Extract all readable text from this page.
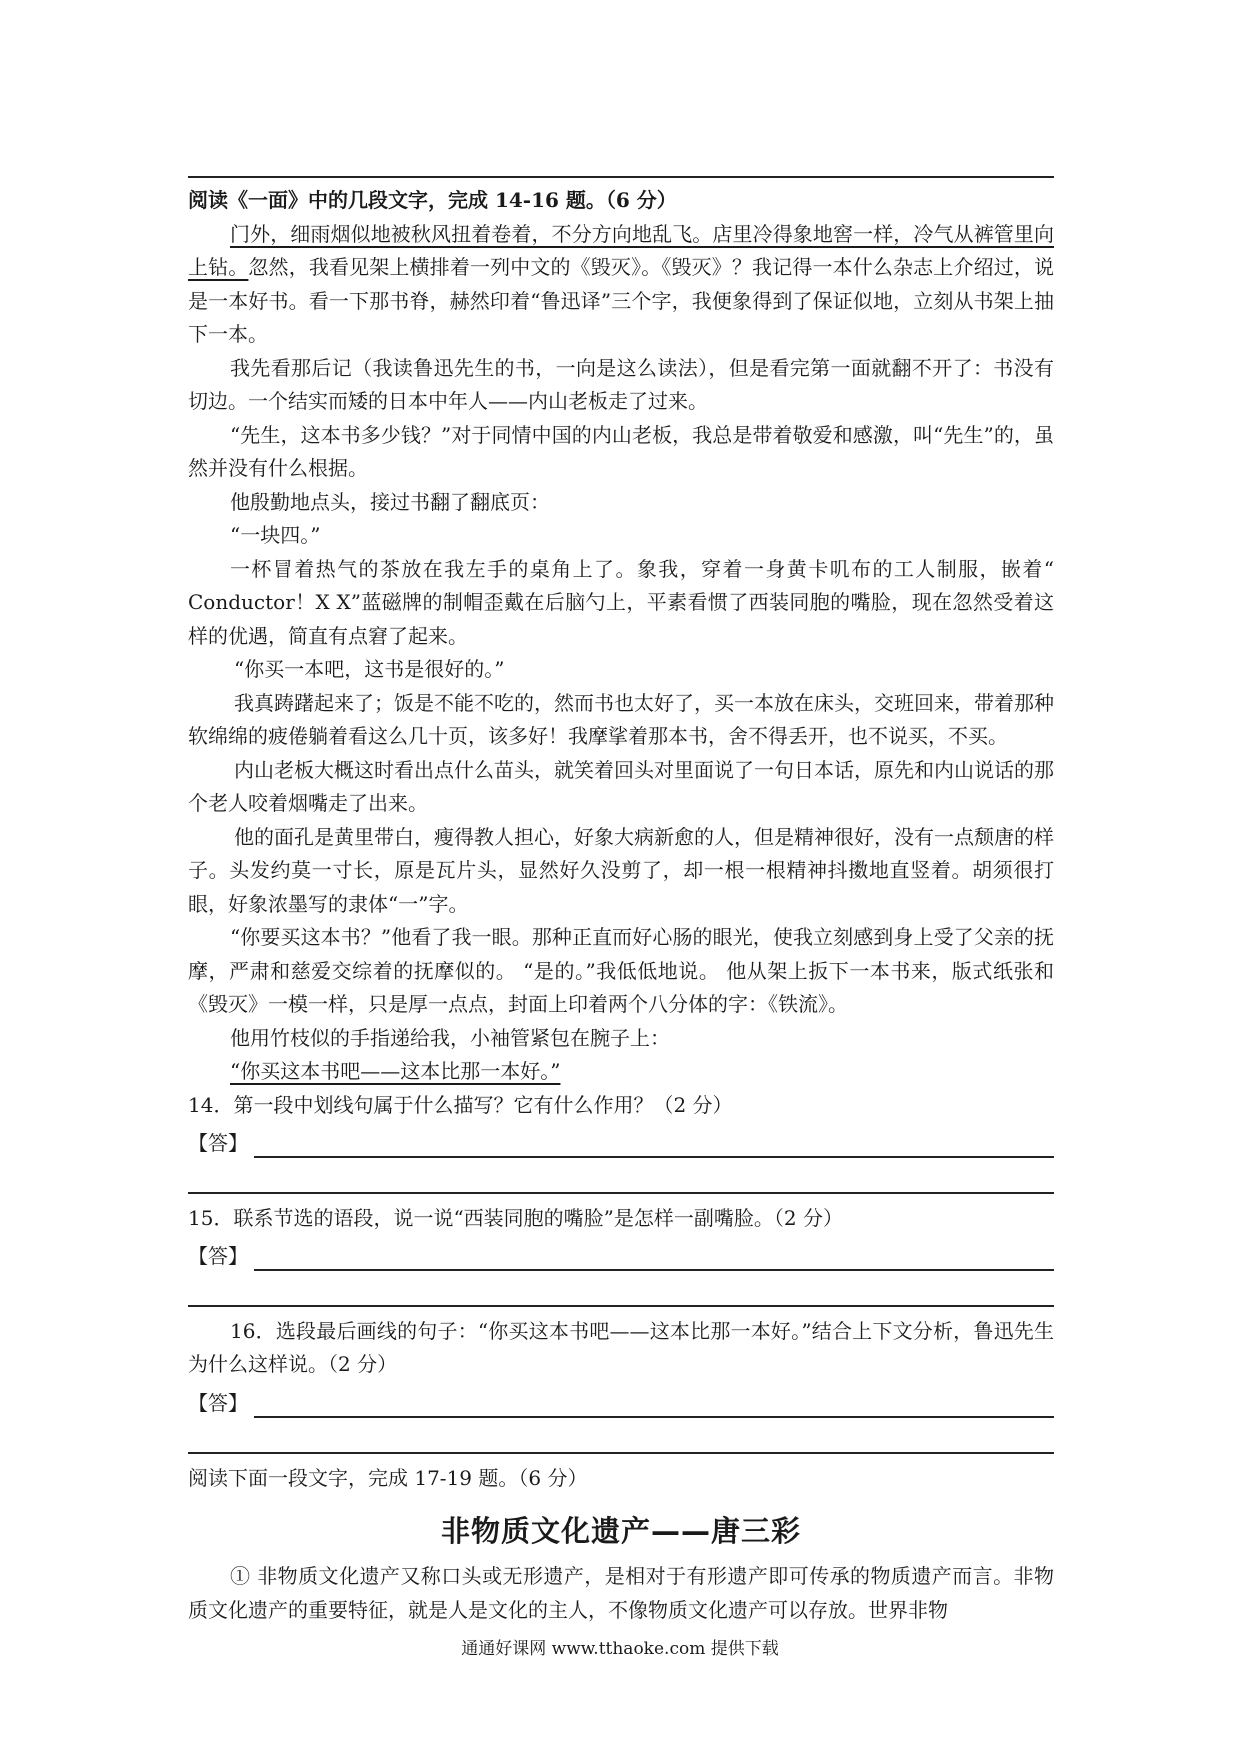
阅读《一面》中的几段文字，完成 14-16 题。（6 分）

门外，细雨烟似地被秋风扭着卷着，不分方向地乱飞。店里冷得象地窖一样，冷气从裤管里向上钻。忽然，我看见架上横排着一列中文的《毁灭》。《毁灭》？我记得一本什么杂志上介绍过，说是一本好书。看一下那书脊，赫然印着“鲁迅译”三个字，我便象得到了保证似地，立刻从书架上抽下一本。

我先看那后记（我读鲁迅先生的书，一向是这么读法），但是看完第一面就翻不开了：书没有切边。一个结实而矮的日本中年人——内山老板走了过来。

“先生，这本书多少钱？”对于同情中国的内山老板，我总是带着敬爱和感激，叫“先生”的，虽然并没有什么根据。

他殷勤地点头，接过书翻了翻底页：

“一块四。”

一杯冒着热气的茶放在我左手的桌角上了。象我，穿着一身黄卡叽布的工人制服，嵌着“ Conductor！X X”蓝磁牌的制帽歪戴在后脑勺上，平素看惯了西装同胞的嘴脸，现在忽然受着这样的优遇，简直有点窘了起来。

“你买一本吧，这书是很好的。”

我真踌躇起来了；饭是不能不吃的，然而书也太好了，买一本放在床头，交班回来，带着那种软绵绵的疲倦躺着看这么几十页，该多好！我摩挲着那本书，舍不得丢开，也不说买，不买。

内山老板大概这时看出点什么苗头，就笑着回头对里面说了一句日本话，原先和内山说话的那个老人咬着烟嘴走了出来。

他的面孔是黄里带白，瘦得教人担心，好象大病新愈的人，但是精神很好，没有一点颓唐的样子。头发约莫一寸长，原是瓦片头，显然好久没剪了，却一根一根精神抖擞地直竖着。胡须很打眼，好象浓墨写的隶体“一”字。

“你要买这本书？”他看了我一眼。那种正直而好心肠的眼光，使我立刻感到身上受了父亲的抚摩，严肃和慈爱交综着的抚摩似的。 “是的。”我低低地说。 他从架上扳下一本书来，版式纸张和《毁灭》一模一样，只是厚一点点，封面上印着两个八分体的字：《铁流》。

他用竹枝似的手指递给我，小袖管紧包在腕子上：

“你买这本书吧——这本比那一本好。”

14．第一段中划线句属于什么描写？它有什么作用？（2 分）

【答】

15．联系节选的语段，说一说“西装同胞的嘴脸”是怎样一副嘴脸。（2 分）

【答】

16．选段最后画线的句子：“你买这本书吧——这本比那一本好。”结合上下文分析，鲁迅先生为什么这样说。（2 分）

【答】

阅读下面一段文字，完成 17-19 题。（6 分）

非物质文化遗产——唐三彩

① 非物质文化遗产又称口头或无形遗产，是相对于有形遗产即可传承的物质遗产而言。非物质文化遗产的重要特征，就是人是文化的主人，不像物质文化遗产可以存放。世界非物

通通好课网 www.tthaoke.com 提供下载
